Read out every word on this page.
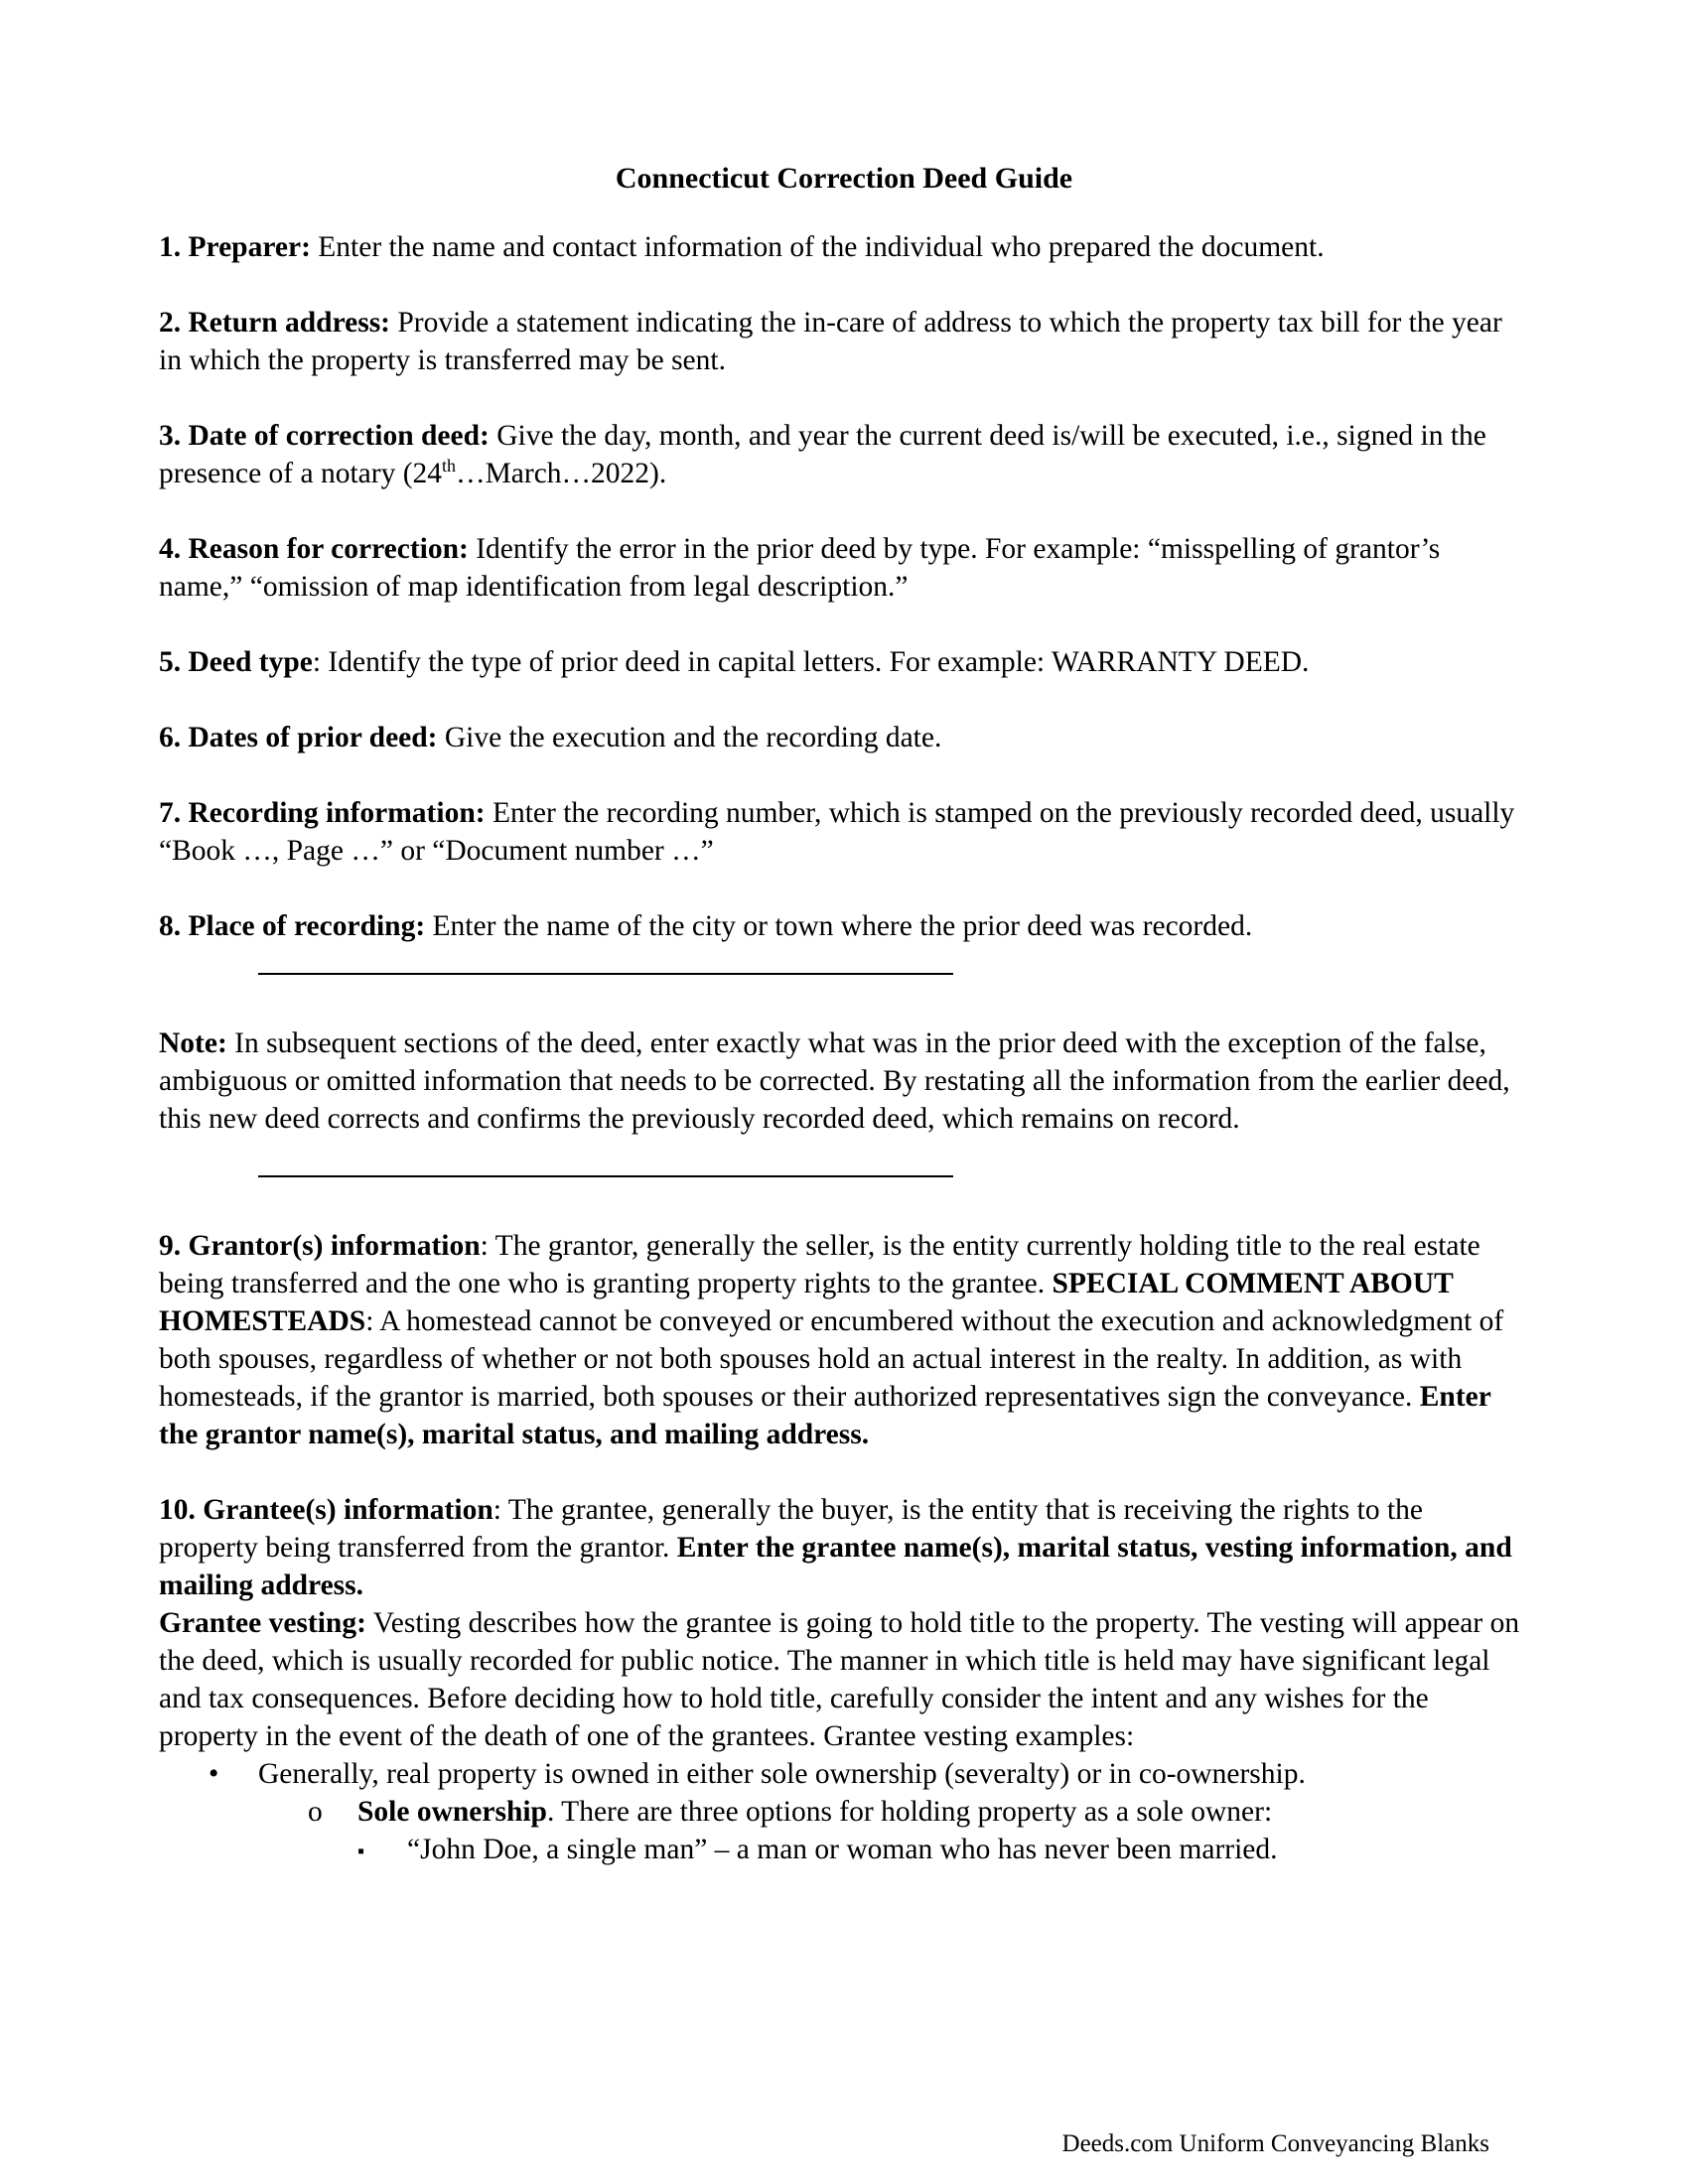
Connecticut Correction Deed Guide

1. Preparer: Enter the name and contact information of the individual who prepared the document.

2. Return address: Provide a statement indicating the in-care of address to which the property tax bill for the year in which the property is transferred may be sent.

3. Date of correction deed: Give the day, month, and year the current deed is/will be executed, i.e., signed in the presence of a notary (24th…March…2022).

4. Reason for correction: Identify the error in the prior deed by type. For example: “misspelling of grantor’s name,” “omission of map identification from legal description.”

5. Deed type: Identify the type of prior deed in capital letters. For example: WARRANTY DEED.

6. Dates of prior deed: Give the execution and the recording date.

7. Recording information: Enter the recording number, which is stamped on the previously recorded deed, usually “Book …, Page …” or “Document number …”

8. Place of recording: Enter the name of the city or town where the prior deed was recorded.

Note: In subsequent sections of the deed, enter exactly what was in the prior deed with the exception of the false, ambiguous or omitted information that needs to be corrected. By restating all the information from the earlier deed, this new deed corrects and confirms the previously recorded deed, which remains on record.

9. Grantor(s) information: The grantor, generally the seller, is the entity currently holding title to the real estate being transferred and the one who is granting property rights to the grantee. SPECIAL COMMENT ABOUT HOMESTEADS: A homestead cannot be conveyed or encumbered without the execution and acknowledgment of both spouses, regardless of whether or not both spouses hold an actual interest in the realty. In addition, as with homesteads, if the grantor is married, both spouses or their authorized representatives sign the conveyance. Enter the grantor name(s), marital status, and mailing address.

10. Grantee(s) information: The grantee, generally the buyer, is the entity that is receiving the rights to the property being transferred from the grantor. Enter the grantee name(s), marital status, vesting information, and mailing address.

Grantee vesting: Vesting describes how the grantee is going to hold title to the property. The vesting will appear on the deed, which is usually recorded for public notice. The manner in which title is held may have significant legal and tax consequences. Before deciding how to hold title, carefully consider the intent and any wishes for the property in the event of the death of one of the grantees. Grantee vesting examples:

• Generally, real property is owned in either sole ownership (severalty) or in co-ownership.
o Sole ownership. There are three options for holding property as a sole owner:
▪ “John Doe, a single man” – a man or woman who has never been married.
Deeds.com Uniform Conveyancing Blanks
